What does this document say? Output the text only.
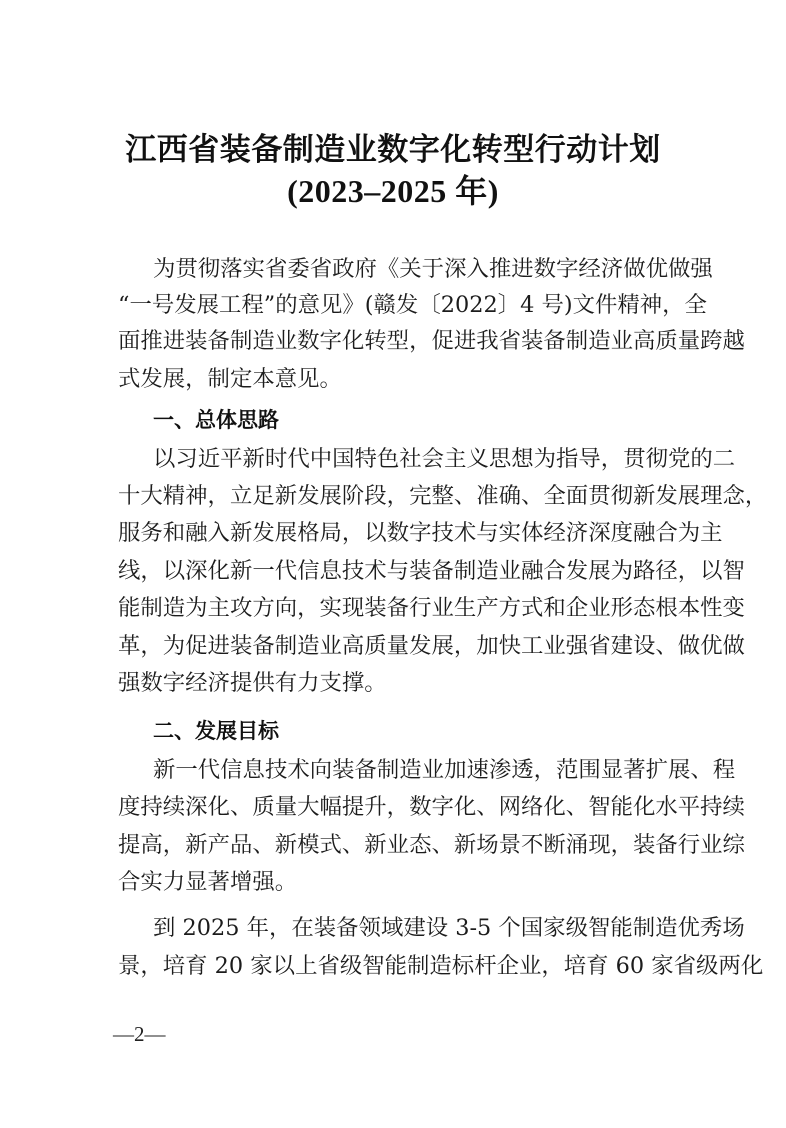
江西省装备制造业数字化转型行动计划
(2023–2025 年)
为贯彻落实省委省政府《关于深入推进数字经济做优做强
“一号发展工程”的意见》(赣发〔2022〕4 号)文件精神，全
面推进装备制造业数字化转型，促进我省装备制造业高质量跨越
式发展，制定本意见。
一、总体思路
以习近平新时代中国特色社会主义思想为指导，贯彻党的二
十大精神，立足新发展阶段，完整、准确、全面贯彻新发展理念，
服务和融入新发展格局，以数字技术与实体经济深度融合为主
线，以深化新一代信息技术与装备制造业融合发展为路径，以智
能制造为主攻方向，实现装备行业生产方式和企业形态根本性变
革，为促进装备制造业高质量发展，加快工业强省建设、做优做
强数字经济提供有力支撑。
二、发展目标
新一代信息技术向装备制造业加速渗透，范围显著扩展、程
度持续深化、质量大幅提升，数字化、网络化、智能化水平持续
提高，新产品、新模式、新业态、新场景不断涌现，装备行业综
合实力显著增强。
到 2025 年，在装备领域建设 3-5 个国家级智能制造优秀场
景，培育 20 家以上省级智能制造标杆企业，培育 60 家省级两化
—2—
